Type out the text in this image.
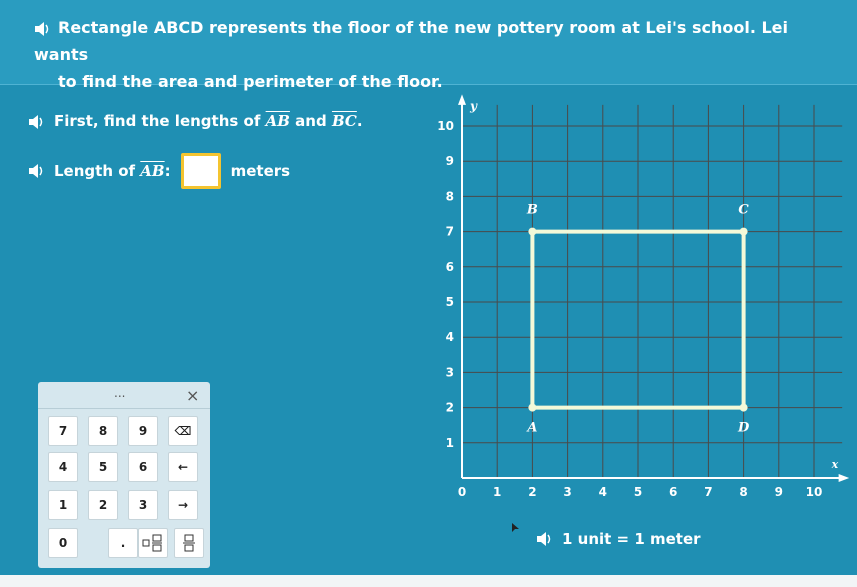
Rectangle ABCD represents the floor of the new pottery room at Lei's school. Lei wants
to find the area and perimeter of the floor.
First, find the lengths of $\overline{AB}$ and $\overline{BC}$.
Length of
$\overline{AB}$ :	meters
...	×
7	8	9	⌫
4	5	6	←
1	2	3	→
0	.
y
x
0 1 2 3 4 5 6 7 8 9 10
1
2
3
4
5
6
7
8
9
10
A
B	C
D
1 unit = 1 meter
